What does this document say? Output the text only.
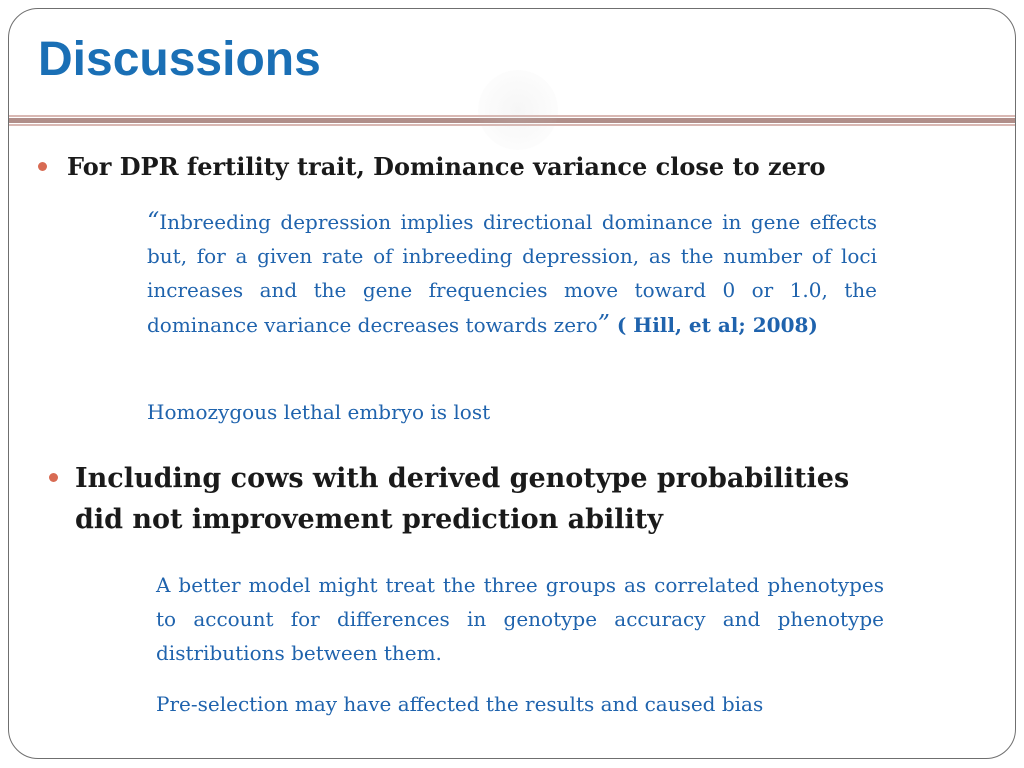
Discussions
For DPR fertility trait, Dominance variance close to zero

“Inbreeding depression implies directional dominance in gene effects but, for a given rate of inbreeding depression, as the number of loci increases and the gene frequencies move toward 0 or 1.0, the dominance variance decreases towards zero” ( Hill, et al; 2008)

Homozygous lethal embryo is lost

Including cows with derived genotype probabilities did not improvement prediction ability

A better model might treat the three groups as correlated phenotypes to account for differences in genotype accuracy and phenotype distributions between them.

Pre-selection may have affected the results and caused bias
